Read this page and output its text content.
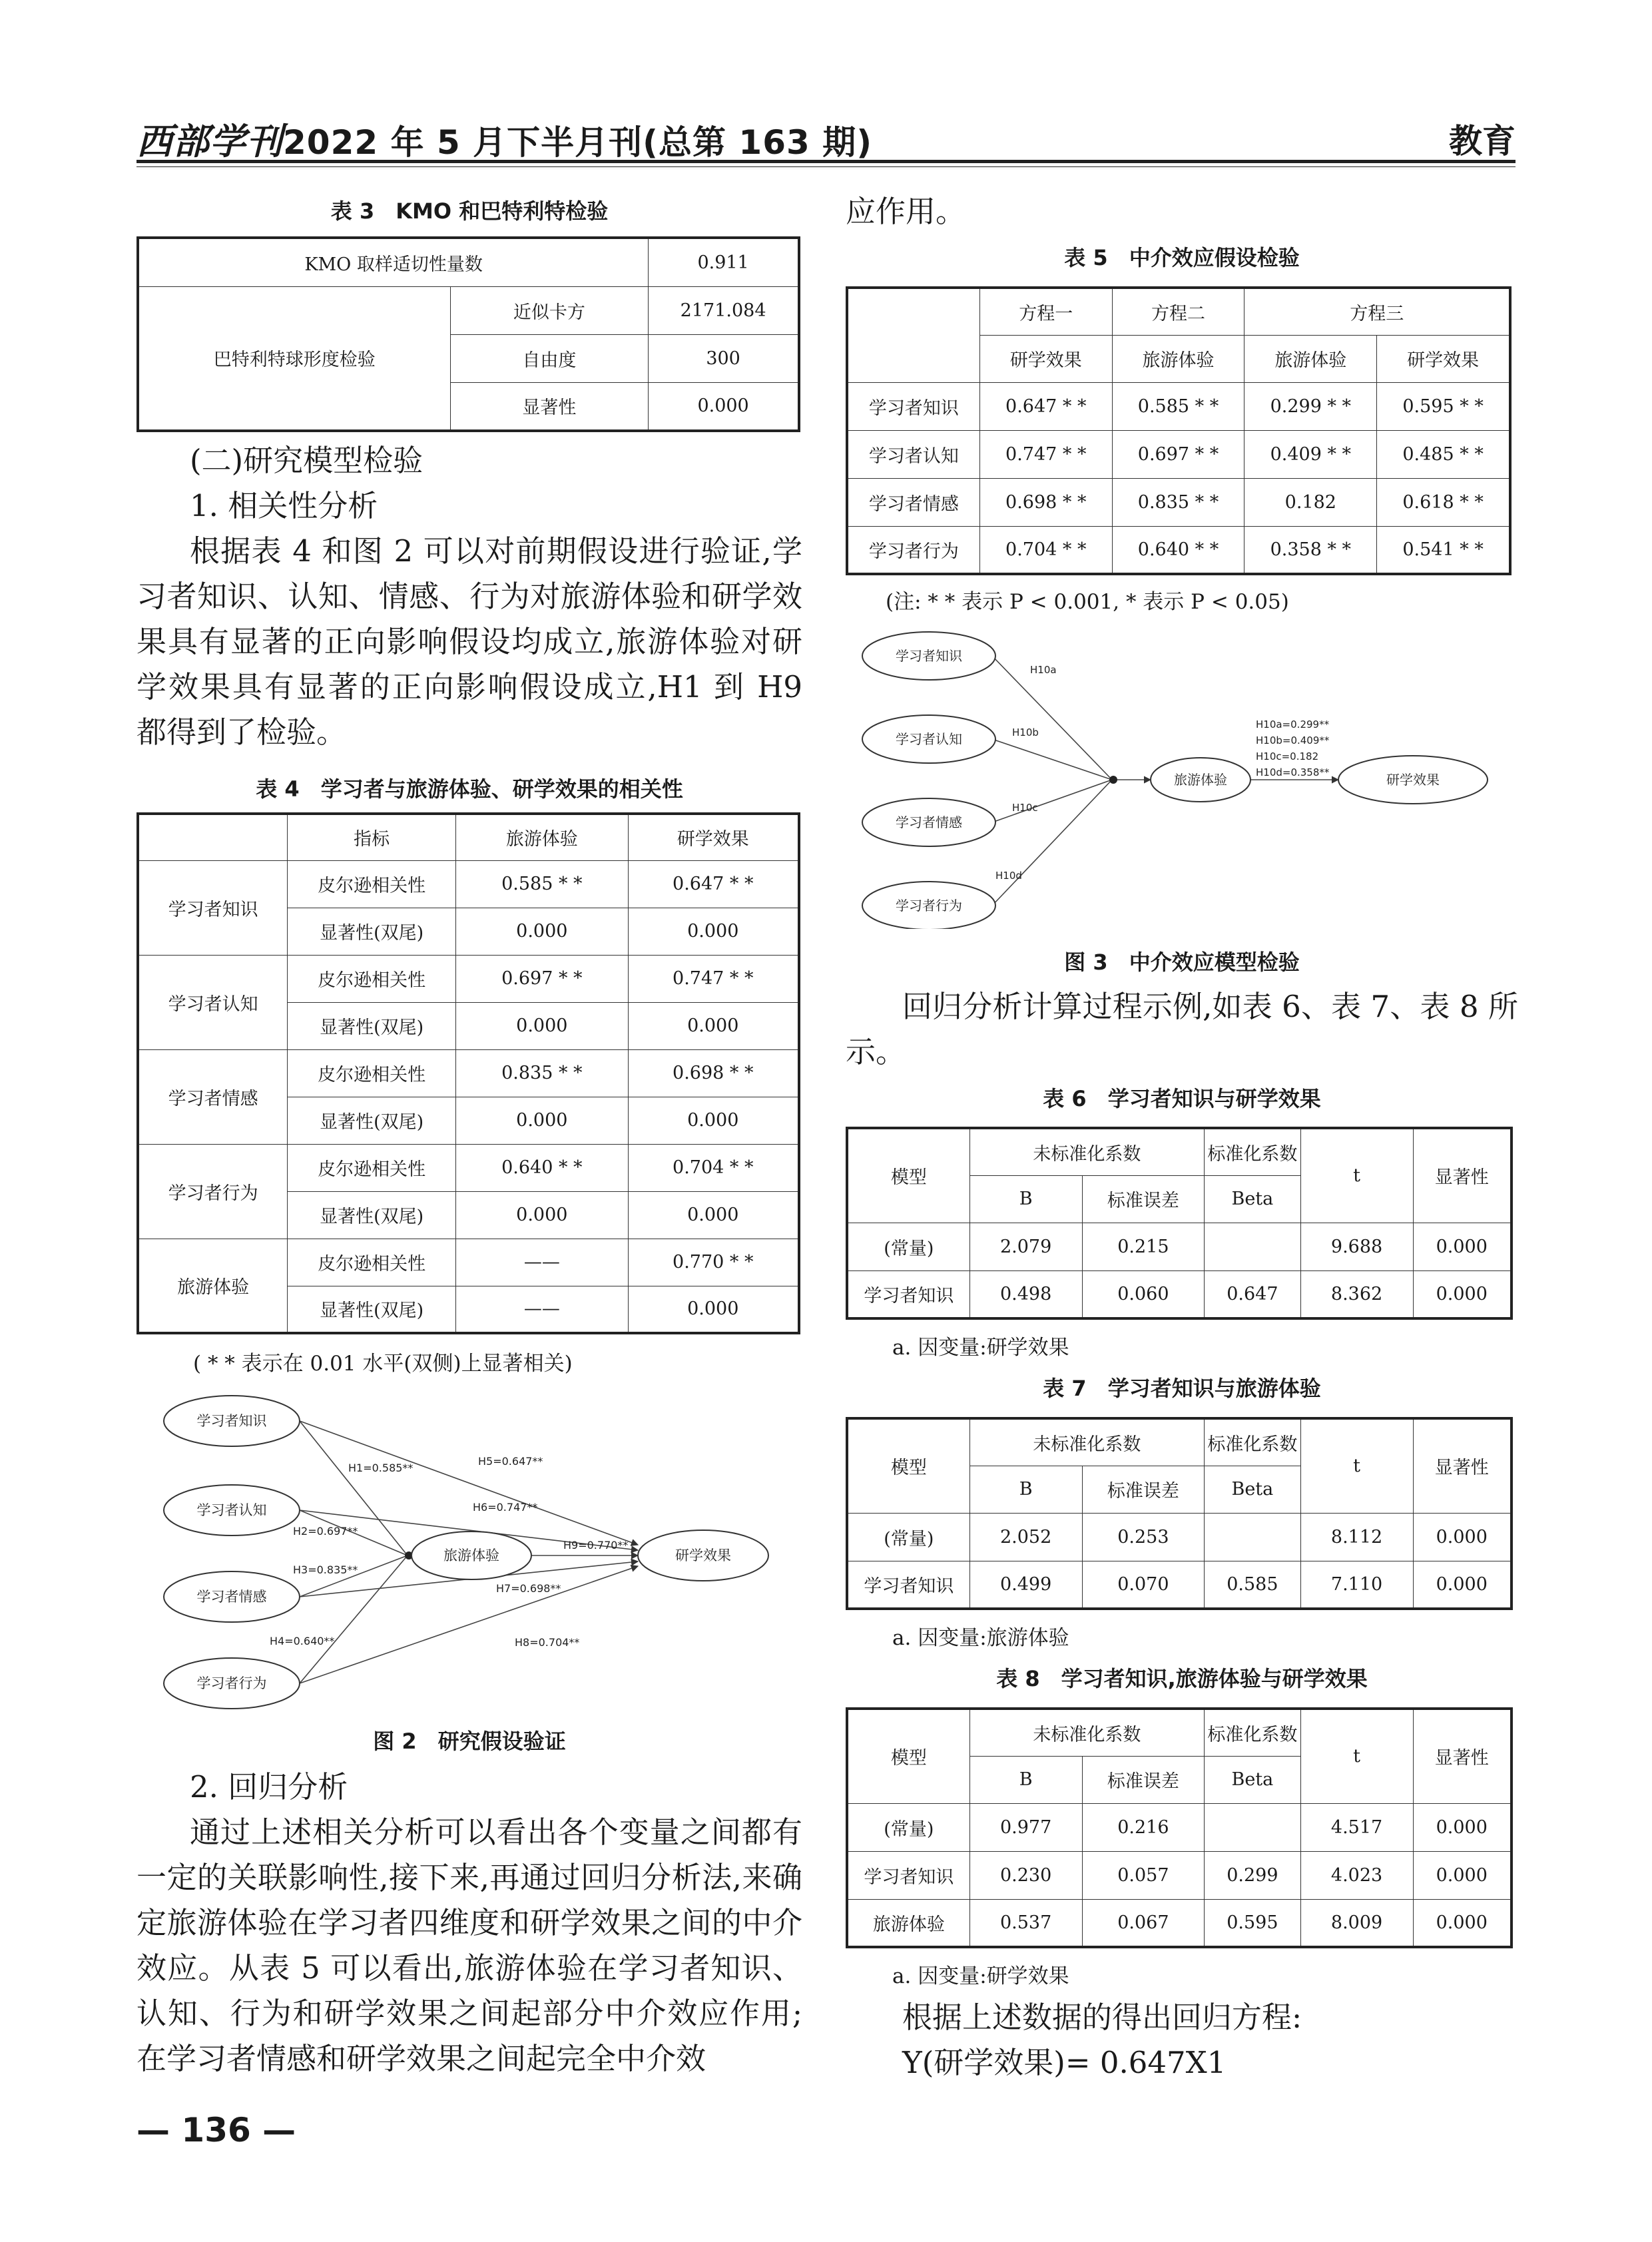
西部学刊2022 年 5 月下半月刊(总第 163 期)	教育
表 3　KMO 和巴特利特检验
KMO 取样适切性量数		0.911
巴特利特球形度检验	近似卡方	2171.084
	自由度	300
	显著性	0.000
(二)研究模型检验
1. 相关性分析
根据表 4 和图 2 可以对前期假设进行验证,学习者知识、认知、情感、行为对旅游体验和研学效果具有显著的正向影响假设均成立,旅游体验对研学效果具有显著的正向影响假设成立,H1 到 H9 都得到了检验。
表 4　学习者与旅游体验、研学效果的相关性
	指标	旅游体验	研学效果
学习者知识	皮尔逊相关性	0.585 * *	0.647 * *
	显著性(双尾)	0.000	0.000
学习者认知	皮尔逊相关性	0.697 * *	0.747 * *
	显著性(双尾)	0.000	0.000
学习者情感	皮尔逊相关性	0.835 * *	0.698 * *
	显著性(双尾)	0.000	0.000
学习者行为	皮尔逊相关性	0.640 * *	0.704 * *
	显著性(双尾)	0.000	0.000
旅游体验	皮尔逊相关性	——	0.770 * *
	显著性(双尾)	——	0.000
( * * 表示在 0.01 水平(双侧)上显著相关)
学习者知识
学习者认知
学习者情感
学习者行为
旅游体验	研学效果
H1=0.585**
H2=0.697**
H3=0.835**
H4=0.640**
H5=0.647**
H6=0.747**
H7=0.698**
H8=0.704**
H9=0.770**
图 2　研究假设验证
2. 回归分析
通过上述相关分析可以看出各个变量之间都有一定的关联影响性,接下来,再通过回归分析法,来确定旅游体验在学习者四维度和研学效果之间的中介效应。从表 5 可以看出,旅游体验在学习者知识、认知、行为和研学效果之间起部分中介效应作用;在学习者情感和研学效果之间起完全中介效
— 136 —
应作用。
表 5　中介效应假设检验
	方程一	方程二	方程三	
	研学效果	旅游体验	旅游体验	研学效果
学习者知识	0.647 * *	0.585 * *	0.299 * *	0.595 * *
学习者认知	0.747 * *	0.697 * *	0.409 * *	0.485 * *
学习者情感	0.698 * *	0.835 * *	0.182	0.618 * *
学习者行为	0.704 * *	0.640 * *	0.358 * *	0.541 * *
(注: * * 表示 P < 0.001, * 表示 P < 0.05)
学习者知识
学习者认知
学习者情感
学习者行为
旅游体验	研学效果
H10a
H10b
H10c
H10d
H10a=0.299**
H10b=0.409**
H10c=0.182
H10d=0.358**
图 3　中介效应模型检验
回归分析计算过程示例,如表 6、表 7、表 8 所示。
表 6　学习者知识与研学效果
模型	未标准化系数		标准化系数	t	显著性
	B	标准误差	Beta		
(常量)	2.079	0.215		9.688	0.000
学习者知识	0.498	0.060	0.647	8.362	0.000
a. 因变量:研学效果
表 7　学习者知识与旅游体验
模型	未标准化系数		标准化系数	t	显著性
	B	标准误差	Beta		
(常量)	2.052	0.253		8.112	0.000
学习者知识	0.499	0.070	0.585	7.110	0.000
a. 因变量:旅游体验
表 8　学习者知识,旅游体验与研学效果
模型	未标准化系数		标准化系数	t	显著性
	B	标准误差	Beta		
(常量)	0.977	0.216		4.517	0.000
学习者知识	0.230	0.057	0.299	4.023	0.000
旅游体验	0.537	0.067	0.595	8.009	0.000
a. 因变量:研学效果
根据上述数据的得出回归方程:
Y(研学效果)= 0.647X1
